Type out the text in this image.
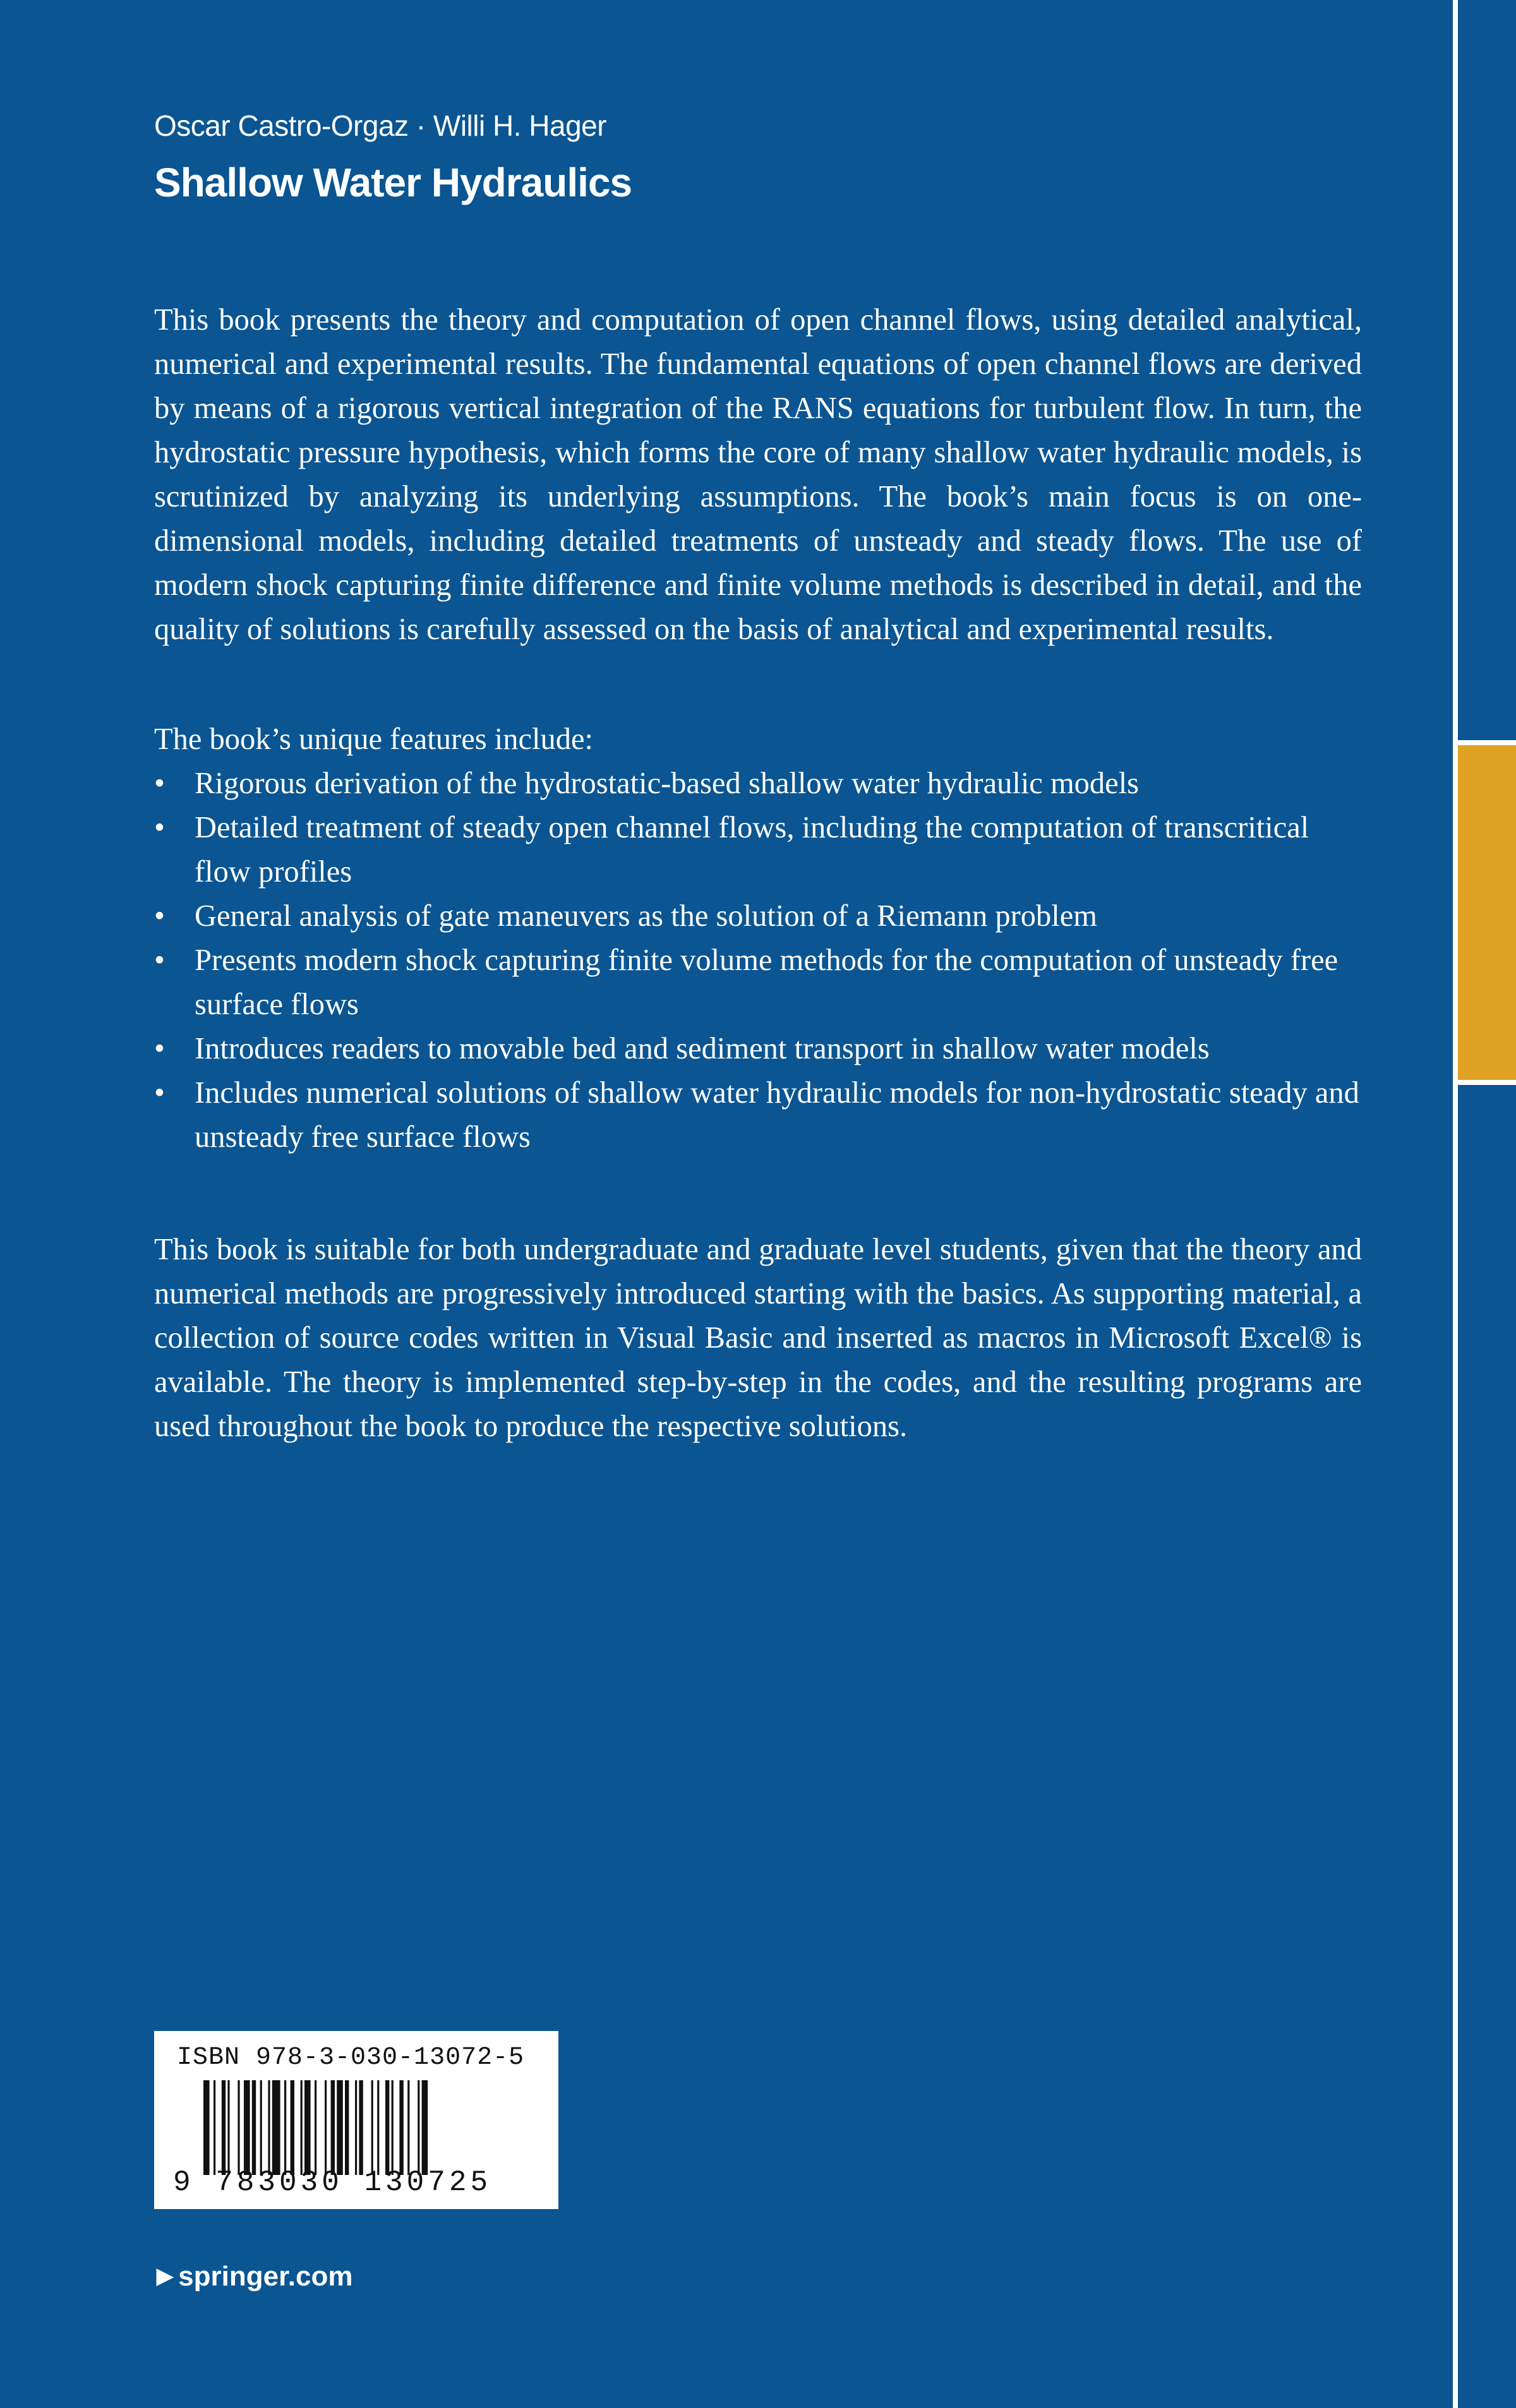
Oscar Castro-Orgaz · Willi H. Hager
Shallow Water Hydraulics
This book presents the theory and computation of open channel flows, using detailed analytical, numerical and experimental results. The fundamental equations of open channel flows are derived by means of a rigorous vertical integration of the RANS equations for turbulent flow. In turn, the hydrostatic pressure hypothesis, which forms the core of many shallow water hydraulic models, is scrutinized by analyzing its underlying assumptions. The book’s main focus is on one-dimensional models, including detailed treatments of unsteady and steady flows. The use of modern shock capturing finite difference and finite volume methods is described in detail, and the quality of solutions is carefully assessed on the basis of analytical and experimental results.
The book’s unique features include:
• Rigorous derivation of the hydrostatic-based shallow water hydraulic models
• Detailed treatment of steady open channel flows, including the computation of transcritical flow profiles
• General analysis of gate maneuvers as the solution of a Riemann problem
• Presents modern shock capturing finite volume methods for the computation of unsteady free surface flows
• Introduces readers to movable bed and sediment transport in shallow water models
• Includes numerical solutions of shallow water hydraulic models for non-hydrostatic steady and unsteady free surface flows
This book is suitable for both undergraduate and graduate level students, given that the theory and numerical methods are progressively introduced starting with the basics. As supporting material, a collection of source codes written in Visual Basic and inserted as macros in Microsoft Excel® is available. The theory is implemented step-by-step in the codes, and the resulting programs are used throughout the book to produce the respective solutions.
ISBN 978-3-030-13072-5
9 783030 130725
▶ springer.com
